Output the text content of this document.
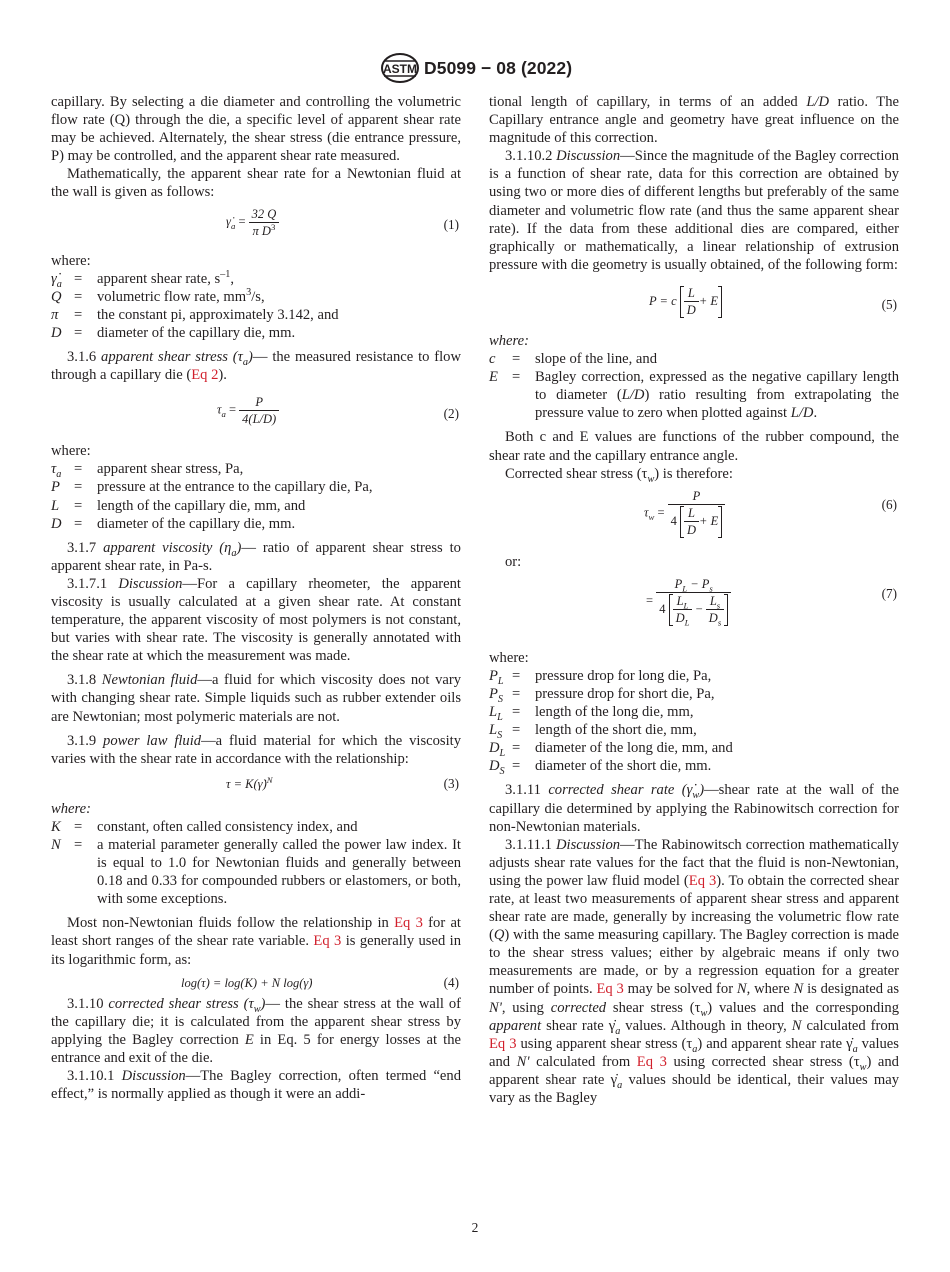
ASTM D5099 − 08 (2022)

capillary. By selecting a die diameter and controlling the volumetric flow rate (Q) through the die, a specific level of apparent shear rate may be achieved. Alternately, the shear stress (die entrance pressure, P) may be controlled, and the apparent shear rate measured.

Mathematically, the apparent shear rate for a Newtonian fluid at the wall is given as follows:

$\gammȧ_a = \frac{32 Q}{\pi D^3}$	(1)

where:

$\gammȧ_a$	=	apparent shear rate, $s^{-1}$,
Q	=	volumetric flow rate, $mm^3/s$,
π	=	the constant pi, approximately 3.142, and
D	=	diameter of the capillary die, mm.

3.1.6 apparent shear stress $(\tau_a)—$ the measured resistance to flow through a capillary die (Eq 2).

$\tau_a = \frac{P}{4(L/D)}$	(2)

where:

$\tau_a$	=	apparent shear stress, Pa,
P	=	pressure at the entrance to the capillary die, Pa,
L	=	length of the capillary die, mm, and
D	=	diameter of the capillary die, mm.

3.1.7 apparent viscosity $(\eta_a)—$ ratio of apparent shear stress to apparent shear rate, in Pa-s.

3.1.7.1 Discussion—For a capillary rheometer, the apparent viscosity is usually calculated at a given shear rate. At constant temperature, the apparent viscosity of most polymers is not constant, but varies with shear rate. The viscosity is generally annotated with the shear rate at which the measurement was made.

3.1.8 Newtonian fluid—a fluid for which viscosity does not vary with changing shear rate. Simple liquids such as rubber extender oils are Newtonian; most polymeric materials are not.

3.1.9 power law fluid—a fluid material for which the viscosity varies with the shear rate in accordance with the relationship:

τ = K(γ̇)$^N$	(3)

where:

K	=	constant, often called consistency index, and
N	=	a material parameter generally called the power law index. It is equal to 1.0 for Newtonian fluids and generally between 0.18 and 0.33 for compounded rubbers or elastomers, or both, with some exceptions.

Most non-Newtonian fluids follow the relationship in Eq 3 for at least short ranges of the shear rate variable. Eq 3 is generally used in its logarithmic form, as:

log(τ) = log(K) + N log(γ̇)	(4)

3.1.10 corrected shear stress $(\tau_w)—$ the shear stress at the wall of the capillary die; it is calculated from the apparent shear stress by applying the Bagley correction E in Eq. 5 for energy losses at the entrance and exit of the die.

3.1.10.1 Discussion—The Bagley correction, often termed “end effect,” is normally applied as though it were an addi-

tional length of capillary, in terms of an added L/D ratio. The Capillary entrance angle and geometry have great influence on the magnitude of this correction.

3.1.10.2 Discussion—Since the magnitude of the Bagley correction is a function of shear rate, data for this correction are obtained by using two or more dies of different lengths but preferably of the same diameter and volumetric flow rate (and thus the same apparent shear rate). If the data from these additional dies are compared, either graphically or mathematically, a linear relationship of extrusion pressure with die geometry is usually obtained, of the following form:

P = c $\frac{L}{D} + E$	(5)

where:

c	=	slope of the line, and
E	=	Bagley correction, expressed as the negative capillary length to diameter (L/D) ratio resulting from extrapolating the pressure value to zero when plotted against L/D.

Both c and E values are functions of the rubber compound, the shear rate and the capillary entrance angle.

Corrected shear stress $(\tau_w)$ is therefore:

$\tau_w = \frac{P}{4 \frac{L}{D} + E}$	(6)

or:

= $\frac{P_L - P_s}{4 \frac{L_L}{D_L} - \frac{L_s}{D_s}}$	(7)

where:

$P_L$	=	pressure drop for long die, Pa,
$P_S$	=	pressure drop for short die, Pa,
$L_L$	=	length of the long die, mm,
$L_S$	=	length of the short die, mm,
$D_L$	=	diameter of the long die, mm, and
$D_S$	=	diameter of the short die, mm.

3.1.11 corrected shear rate $(\gammȧ_w)—shear$ rate at the wall of the capillary die determined by applying the Rabinowitsch correction for non-Newtonian materials.

3.1.11.1 Discussion—The Rabinowitsch correction mathematically adjusts shear rate values for the fact that the fluid is non-Newtonian, using the power law fluid model (Eq 3). To obtain the corrected shear rate, at least two measurements of apparent shear stress and apparent shear rate are made, generally by increasing the volumetric flow rate (Q) with the same measuring capillary. The Bagley correction is made to the shear stress values; either by algebraic means if only two measurements are made, or by a regression equation for a greater number of points. Eq 3 may be solved for N, where N is designated as N', using corrected shear stress $(\tau_w)$ values and the corresponding apparent shear rate $\gammȧ_a$ values. Although in theory, N calculated from Eq 3 using apparent shear stress $(\tau_a)$ and apparent shear rate $\gammȧ_a$ values and N' calculated from Eq 3 using corrected shear stress $(\tau_w)$ and apparent shear rate $\gammȧ_a$ values should be identical, their values may vary as the Bagley

2
